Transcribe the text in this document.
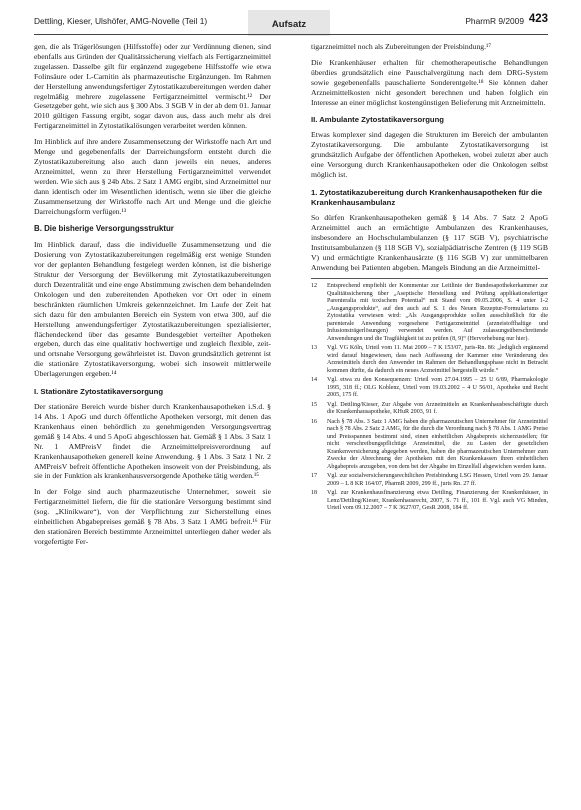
Dettling, Kieser, Ulshöfer, AMG-Novelle (Teil 1)	Aufsatz	PharmR 9/2009 423

gen, die als Trägerlösungen (Hilfsstoffe) oder zur Verdünnung dienen, sind ebenfalls aus Gründen der Qualitätssicherung vielfach als Fertigarzneimittel zugelassen. Dasselbe gilt für ergänzend zugegebene Hilfsstoffe wie etwa Folinsäure oder L-Carnitin als pharmazeutische Ergänzungen. Im Rahmen der Herstellung anwendungsfertiger Zytostatikazubereitungen werden daher regelmäßig mehrere zugelassene Fertigarzneimittel vermischt.¹² Der Gesetzgeber geht, wie sich aus § 300 Abs. 3 SGB V in der ab dem 01. Januar 2010 gültigen Fassung ergibt, sogar davon aus, dass auch mehr als drei Fertigarzneimittel in Zytostatikalösungen verarbeitet werden können.

Im Hinblick auf ihre andere Zusammensetzung der Wirkstoffe nach Art und Menge und gegebenenfalls der Darreichungsform entsteht durch die Zytostatikazubereitung also auch dann jeweils ein neues, anderes Arzneimittel, wenn zu ihrer Herstellung Fertigarzneimittel verwendet werden. Wie sich aus § 24b Abs. 2 Satz 1 AMG ergibt, sind Arzneimittel nur dann identisch oder im Wesentlichen identisch, wenn sie über die gleiche Zusammensetzung der Wirkstoffe nach Art und Menge und die gleiche Darreichungsform verfügen.¹³

B. Die bisherige Versorgungsstruktur

Im Hinblick darauf, dass die individuelle Zusammensetzung und die Dosierung von Zytostatikazubereitungen regelmäßig erst wenige Stunden vor der geplanten Behandlung festgelegt werden können, ist die bisherige Struktur der Versorgung der Bevölkerung mit Zytostatikazubereitungen durch Dezentralität und eine enge Abstimmung zwischen dem behandelnden Onkologen und den zubereitenden Apotheken vor Ort oder in einem beschränkten räumlichen Umkreis gekennzeichnet. Im Laufe der Zeit hat sich dazu für den ambulanten Bereich ein System von etwa 300, auf die Herstellung anwendungsfertiger Zytostatikazubereitungen spezialisierter, flächendeckend über das gesamte Bundesgebiet verteilter Apotheken ergeben, durch das eine qualitativ hochwertige und zugleich flexible, zeit- und ortsnahe Versorgung gewährleistet ist. Davon grundsätzlich getrennt ist die stationäre Zytostatikaversorgung, wobei sich insoweit mittlerweile Überlagerungen ergeben.¹⁴

I. Stationäre Zytostatikaversorgung

Der stationäre Bereich wurde bisher durch Krankenhausapotheken i.S.d. § 14 Abs. 1 ApoG und durch öffentliche Apotheken versorgt, mit denen das Krankenhaus einen behördlich zu genehmigenden Versorgungsvertrag gemäß § 14 Abs. 4 und 5 ApoG abgeschlossen hat. Gemäß § 1 Abs. 3 Satz 1 Nr. 1 AMPreisV findet die Arzneimittelpreisverordnung auf Krankenhausapotheken generell keine Anwendung. § 1 Abs. 3 Satz 1 Nr. 2 AMPreisV befreit öffentliche Apotheken insoweit von der Preisbindung, als sie in der Funktion als krankenhausversorgende Apotheke tätig werden.¹⁵

In der Folge sind auch pharmazeutische Unternehmer, soweit sie Fertigarzneimittel liefern, die für die stationäre Versorgung bestimmt sind (sog. „Klinikware“), von der Verpflichtung zur Sicherstellung eines einheitlichen Abgabepreises gemäß § 78 Abs. 3 Satz 1 AMG befreit.¹⁶ Für den stationären Bereich bestimmte Arzneimittel unterliegen daher weder als vorgefertigte Fer-

tigarzneimittel noch als Zubereitungen der Preisbindung.¹⁷

Die Krankenhäuser erhalten für chemotherapeutische Behandlungen überdies grundsätzlich eine Pauschalvergütung nach dem DRG-System sowie gegebenenfalls pauschalierte Sonderentgelte.¹⁸ Sie können daher Arzneimittelkosten nicht gesondert berechnen und haben folglich ein Interesse an einer möglichst kostengünstigen Belieferung mit Arzneimitteln.

II. Ambulante Zytostatikaversorgung

Etwas komplexer sind dagegen die Strukturen im Bereich der ambulanten Zytostatikaversorgung. Die ambulante Zytostatikaversorgung ist grundsätzlich Aufgabe der öffentlichen Apotheken, wobei zuletzt aber auch eine Versorgung durch Krankenhausapotheken oder die Onkologen selbst möglich ist.

1. Zytostatikazubereitung durch Krankenhausapotheken für die Krankenhausambulanz

So dürfen Krankenhausapotheken gemäß § 14 Abs. 7 Satz 2 ApoG Arzneimittel auch an ermächtigte Ambulanzen des Krankenhauses, insbesondere an Hochschulambulanzen (§ 117 SGB V), psychiatrische Institutsambulanzen (§ 118 SGB V), sozialpädiatrische Zentren (§ 119 SGB V) und ermächtigte Krankenhausärzte (§ 116 SGB V) zur unmittelbaren Anwendung bei Patienten abgeben. Mangels Bindung an die Arzneimittel-

12	Entsprechend empfiehlt der Kommentar zur Leitlinie der Bundesapothekerkammer zur Qualitätssicherung über „Aseptische Herstellung und Prüfung applikationsfertiger Parenteralia mit toxischem Potential“ mit Stand vom 09.05.2006, S. 4 unter 1-2 „Ausgangsprodukte“, auf den auch auf S. 1 des Neuen Rezeptur-Formulariums zu Zytostatika verwiesen wird: „Als Ausgangsprodukte sollen ausschließlich für die parenterale Anwendung vorgesehene Fertigarzneimittel (arzneistoffhaltige und Infusionsträgerlösungen) verwendet werden. Auf zulassungsüberschreitende Anwendungen und die Tragfähigkeit ist zu prüfen (8, 9)“ (Hervorhebung nur hier).
13	Vgl. VG Köln, Urteil vom 11. Mai 2009 – 7 K 153/07, juris-Rn. 86: „lediglich ergänzend wird darauf hingewiesen, dass nach Auffassung der Kammer eine Veränderung des Arzneimittels durch den Anwender im Rahmen der Behandlungsphase nicht in Betracht kommen dürfte, da dadurch ein neues Arzneimittel hergestellt würde.“
14	Vgl. etwa zu den Konsequenzen: Urteil vom 27.04.1995 – 25 U 6/89, Pharmakologie 1995, 318 ff.; OLG Koblenz, Urteil vom 19.03.2002 – 4 U 56/01, Apotheke und Recht 2005, 175 ff.
15	Vgl. Dettling/Kieser, Zur Abgabe von Arzneimitteln an Krankenhausbeschäftigte durch die Krankenhausapotheke, KHuR 2003, 91 f.
16	Nach § 78 Abs. 3 Satz 1 AMG haben die pharmazeutischen Unternehmer für Arzneimittel nach § 78 Abs. 2 Satz 2 AMG, für die durch die Verordnung nach § 78 Abs. 1 AMG Preise und Preisspannen bestimmt sind, einen einheitlichen Abgabepreis sicherzustellen; für nicht verschreibungspflichtige Arzneimittel, die zu Lasten der gesetzlichen Krankenversicherung abgegeben werden, haben die pharmazeutischen Unternehmer zum Zwecke der Abrechnung der Apotheken mit den Krankenkassen ihren einheitlichen Abgabepreis anzugeben, von dem bei der Abgabe im Einzelfall abgewichen werden kann.
17	Vgl. zur sozialversicherungsrechtlichen Preisbindung LSG Hessen, Urteil vom 29. Januar 2009 – L 8 KR 164/07, PharmR 2009, 299 ff., juris Rn. 27 ff.
18	Vgl. zur Krankenhausfinanzierung etwa Dettling, Finanzierung der Krankenhäuser, in Lenz/Dettling/Kieser, Krankenhausrecht, 2007, S. 71 ff., 101 ff. Vgl. auch VG Minden, Urteil vom 09.12.2007 – 7 K 3627/07, GesR 2008, 184 ff.
